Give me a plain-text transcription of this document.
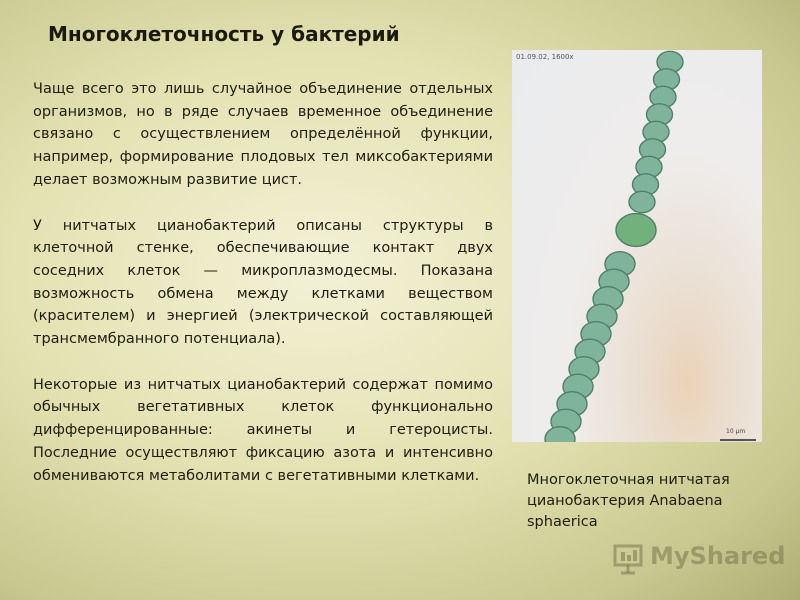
Многоклеточность у бактерий

Чаще всего это лишь случайное объединение отдельных организмов, но в ряде случаев временное объединение связано с осуществлением определённой функции, например, формирование плодовых тел миксобактериями делает возможным развитие цист.

У нитчатых цианобактерий описаны структуры в клеточной стенке, обеспечивающие контакт двух соседних клеток — микроплазмодесмы. Показана возможность обмена между клетками веществом (красителем) и энергией (электрической составляющей трансмембранного потенциала).

Некоторые из нитчатых цианобактерий содержат помимо обычных вегетативных клеток функционально дифференцированные: акинеты и гетероцисты. Последние осуществляют фиксацию азота и интенсивно обмениваются метаболитами с вегетативными клетками.

01.09.02, 1600x
10 µm
Многоклеточная нитчатая цианобактерия Anabaena sphaerica
MyShared
